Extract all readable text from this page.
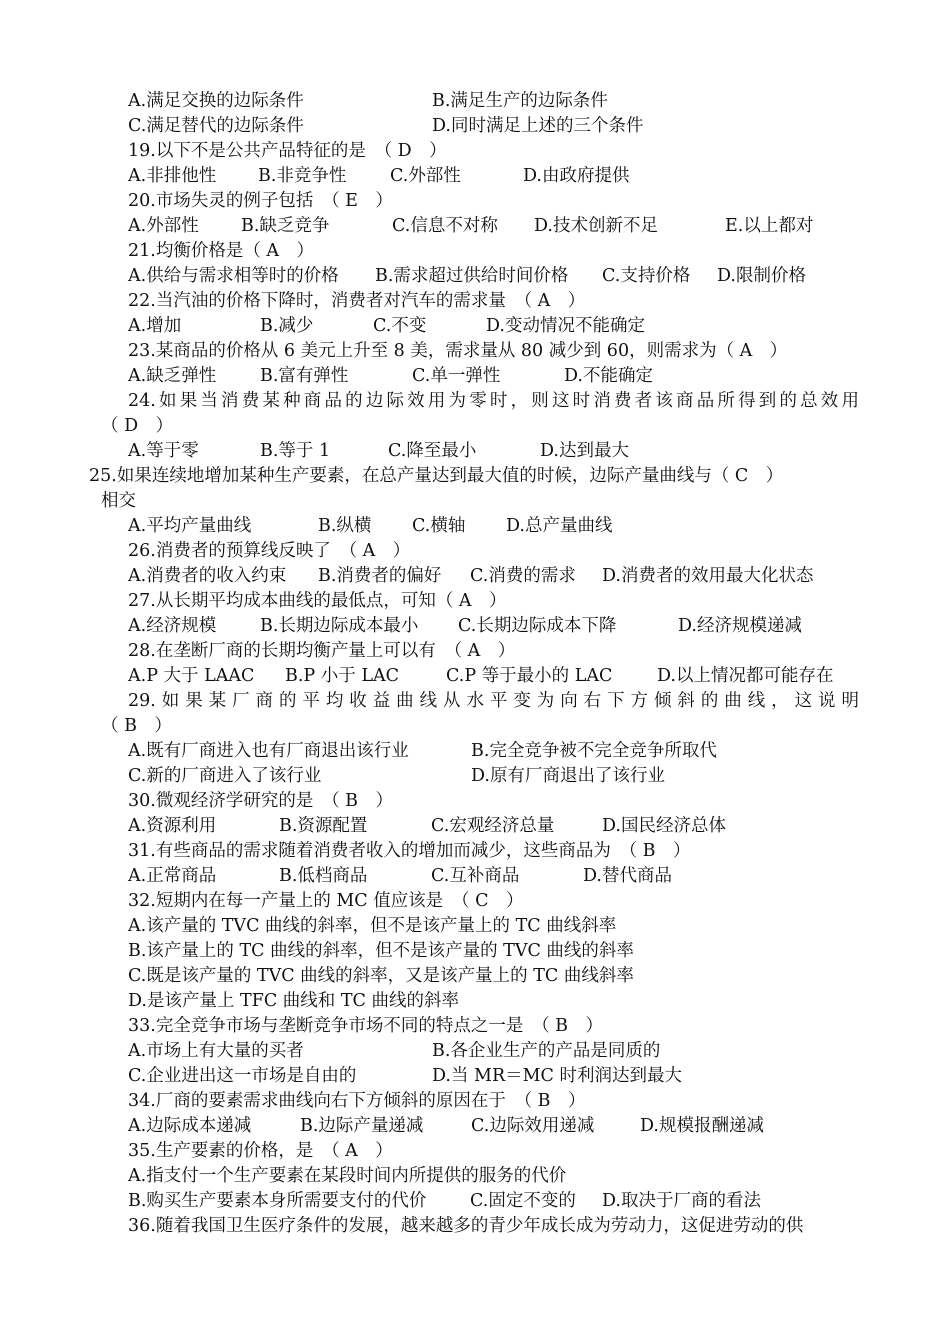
A.满足交换的边际条件	B.满足生产的边际条件
C.满足替代的边际条件	D.同时满足上述的三个条件
19.以下不是公共产品特征的是　（ D　）
A.非排他性 B.非竞争性 C.外部性	D.由政府提供
20.市场失灵的例子包括　（ E　）
A.外部性 B.缺乏竞争	C.信息不对称 D.技术创新不足	E.以上都对
21.均衡价格是（ A　）
A.供给与需求相等时的价格 B.需求超过供给时间价格 C.支持价格 D.限制价格
22.当汽油的价格下降时，消费者对汽车的需求量　（ A　）
A.增加	B.减少	C.不变	D.变动情况不能确定
23.某商品的价格从 6 美元上升至 8 美，需求量从 80 减少到 60，则需求为（ A　）
A.缺乏弹性	B.富有弹性	C.单一弹性	D.不能确定
24.如果当消费某种商品的边际效用为零时，则这时消费者该商品所得到的总效用
（ D　）
A.等于零	B.等于 1	C.降至最小	D.达到最大
25.如果连续地增加某种生产要素，在总产量达到最大值的时候，边际产量曲线与（ C　）
相交
A.平均产量曲线	B.纵横 C.横轴 D.总产量曲线
26.消费者的预算线反映了　（ A　）
A.消费者的收入约束 B.消费者的偏好 C.消费的需求 D.消费者的效用最大化状态
27.从长期平均成本曲线的最低点，可知（ A　）
A.经济规模	B.长期边际成本最小 C.长期边际成本下降	D.经济规模递减
28.在垄断厂商的长期均衡产量上可以有　（ A　）
A.P 大于 LAAC B.P 小于 LAC	C.P 等于最小的 LAC	D.以上情况都可能存在
29.如果某厂商的平均收益曲线从水平变为向右下方倾斜的曲线，这说明
（ B　）
A.既有厂商进入也有厂商退出该行业	B.完全竞争被不完全竞争所取代
C.新的厂商进入了该行业	D.原有厂商退出了该行业
30.微观经济学研究的是　（ B　）
A.资源利用	B.资源配置	C.宏观经济总量	D.国民经济总体
31.有些商品的需求随着消费者收入的增加而减少，这些商品为　（ B　）
A.正常商品	B.低档商品	C.互补商品	D.替代商品
32.短期内在每一产量上的 MC 值应该是　（ C　）
A.该产量的 TVC 曲线的斜率，但不是该产量上的 TC 曲线斜率
B.该产量上的 TC 曲线的斜率，但不是该产量的 TVC 曲线的斜率
C.既是该产量的 TVC 曲线的斜率，又是该产量上的 TC 曲线斜率
D.是该产量上 TFC 曲线和 TC 曲线的斜率
33.完全竞争市场与垄断竞争市场不同的特点之一是　（ B　）
A.市场上有大量的买者	B.各企业生产的产品是同质的
C.企业进出这一市场是自由的	D.当 MR＝MC 时利润达到最大
34.厂商的要素需求曲线向右下方倾斜的原因在于　（ B　）
A.边际成本递减	B.边际产量递减	C.边际效用递减	D.规模报酬递减
35.生产要素的价格，是　（ A　）
A.指支付一个生产要素在某段时间内所提供的服务的代价
B.购买生产要素本身所需要支付的代价 C.固定不变的 D.取决于厂商的看法
36.随着我国卫生医疗条件的发展，越来越多的青少年成长成为劳动力，这促进劳动的供
